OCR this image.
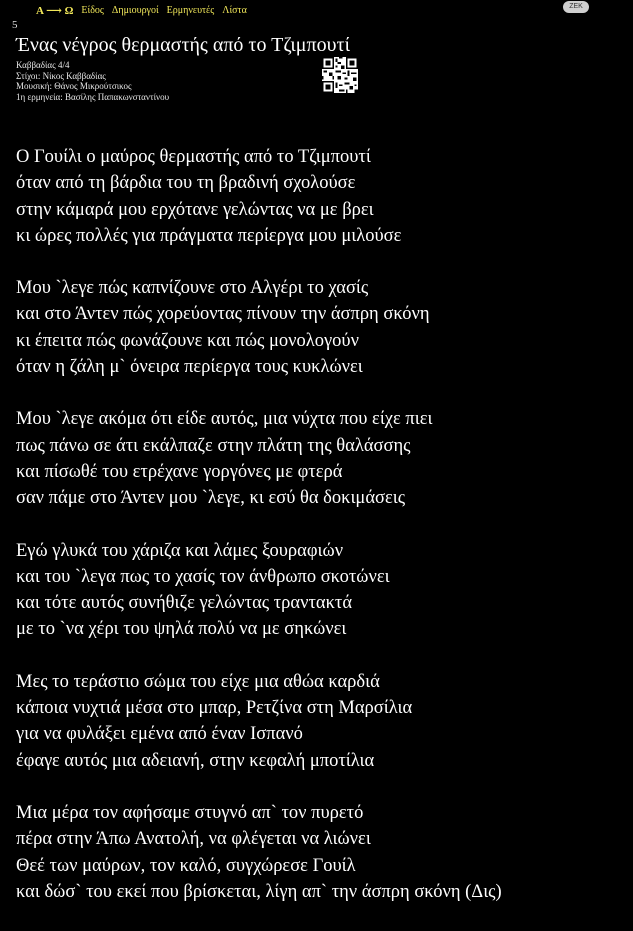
A ⟶ Ω Είδος Δημιουργοί Ερμηνευτές Λίστα	ΖΕΚ
5
Ένας νέγρος θερμαστής από το Τζιμπουτί
Καββαδίας 4/4
Στίχοι: Νίκος Καββαδίας
Μουσική: Θάνος Μικρούτσικος
1η ερμηνεία: Βασίλης Παπακωνσταντίνου
Ο Γουίλι ο μαύρος θερμαστής από το Τζιμπουτί
όταν από τη βάρδια του τη βραδινή σχολούσε
στην κάμαρά μου ερχότανε γελώντας να με βρει
κι ώρες πολλές για πράγματα περίεργα μου μιλούσε
Μου `λεγε πώς καπνίζουνε στο Αλγέρι το χασίς
και στο Άντεν πώς χορεύοντας πίνουν την άσπρη σκόνη
κι έπειτα πώς φωνάζουνε και πώς μονολογούν
όταν η ζάλη μ` όνειρα περίεργα τους κυκλώνει
Μου `λεγε ακόμα ότι είδε αυτός, μια νύχτα που είχε πιει
πως πάνω σε άτι εκάλπαζε στην πλάτη της θαλάσσης
και πίσωθέ του ετρέχανε γοργόνες με φτερά
σαν πάμε στο Άντεν μου `λεγε, κι εσύ θα δοκιμάσεις
Εγώ γλυκά του χάριζα και λάμες ξουραφιών
και του `λεγα πως το χασίς τον άνθρωπο σκοτώνει
και τότε αυτός συνήθιζε γελώντας τραντακτά
με το `να χέρι του ψηλά πολύ να με σηκώνει
Μες το τεράστιο σώμα του είχε μια αθώα καρδιά
κάποια νυχτιά μέσα στο μπαρ, Ρετζίνα στη Μαρσίλια
για να φυλάξει εμένα από έναν Ισπανό
έφαγε αυτός μια αδειανή, στην κεφαλή μποτίλια
Μια μέρα τον αφήσαμε στυγνό απ` τον πυρετό
πέρα στην Άπω Ανατολή, να φλέγεται να λιώνει
Θεέ των μαύρων, τον καλό, συγχώρεσε Γουίλ
και δώσ` του εκεί που βρίσκεται, λίγη απ` την άσπρη σκόνη (Δις)
